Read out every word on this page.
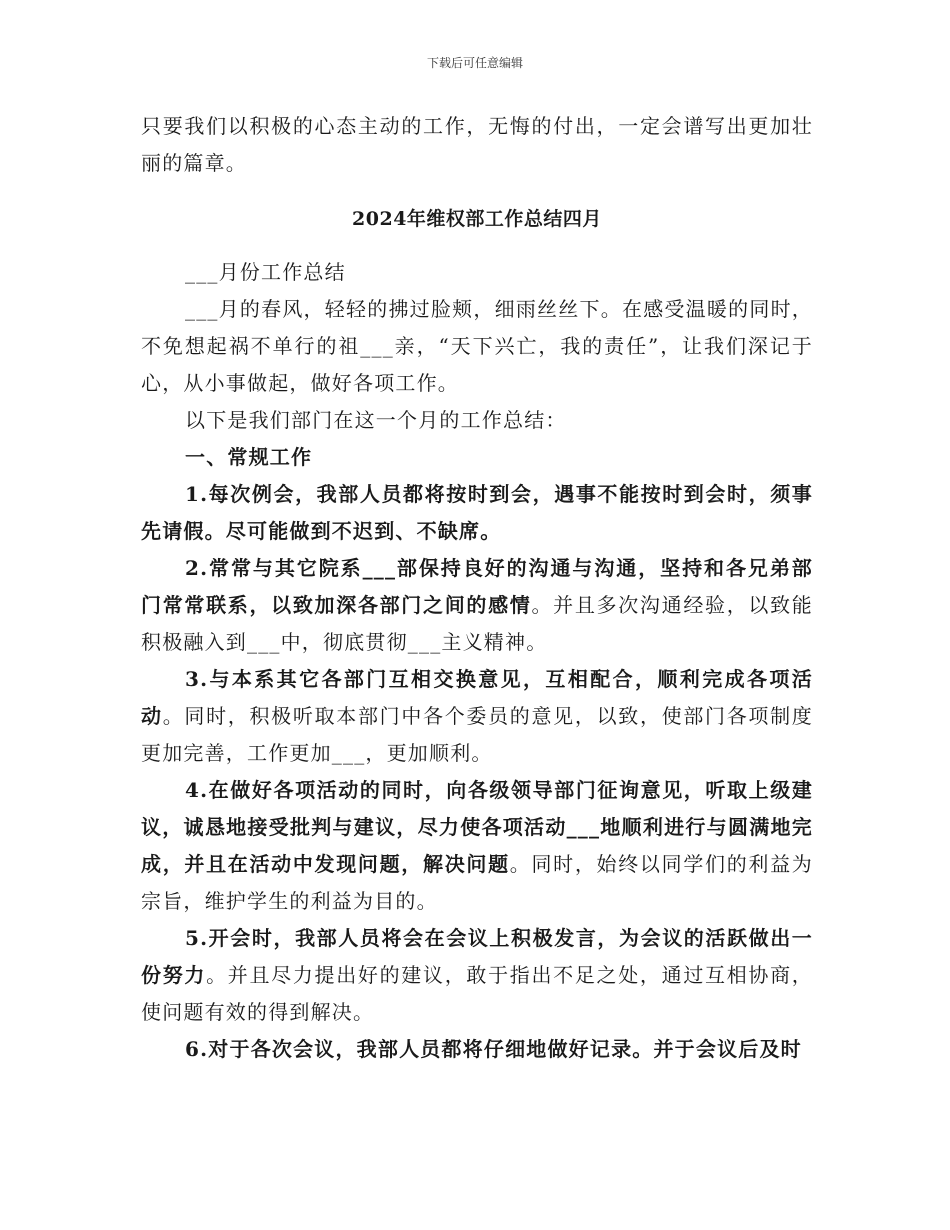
下载后可任意编辑

只要我们以积极的心态主动的工作，无悔的付出，一定会谱写出更加壮丽的篇章。

2024年维权部工作总结四月

___月份工作总结

___月的春风，轻轻的拂过脸颊，细雨丝丝下。在感受温暖的同时，不免想起祸不单行的祖___亲，“天下兴亡，我的责任”，让我们深记于心，从小事做起，做好各项工作。

以下是我们部门在这一个月的工作总结：

一、常规工作

1.每次例会，我部人员都将按时到会，遇事不能按时到会时，须事先请假。尽可能做到不迟到、不缺席。

2.常常与其它院系___部保持良好的沟通与沟通，坚持和各兄弟部门常常联系，以致加深各部门之间的感情。并且多次沟通经验，以致能积极融入到___中，彻底贯彻___主义精神。

3.与本系其它各部门互相交换意见，互相配合，顺利完成各项活动。同时，积极听取本部门中各个委员的意见，以致，使部门各项制度更加完善，工作更加___，更加顺利。

4.在做好各项活动的同时，向各级领导部门征询意见，听取上级建议，诚恳地接受批判与建议，尽力使各项活动___地顺利进行与圆满地完成，并且在活动中发现问题，解决问题。同时，始终以同学们的利益为宗旨，维护学生的利益为目的。

5.开会时，我部人员将会在会议上积极发言，为会议的活跃做出一份努力。并且尽力提出好的建议，敢于指出不足之处，通过互相协商，使问题有效的得到解决。

6.对于各次会议，我部人员都将仔细地做好记录。并于会议后及时
